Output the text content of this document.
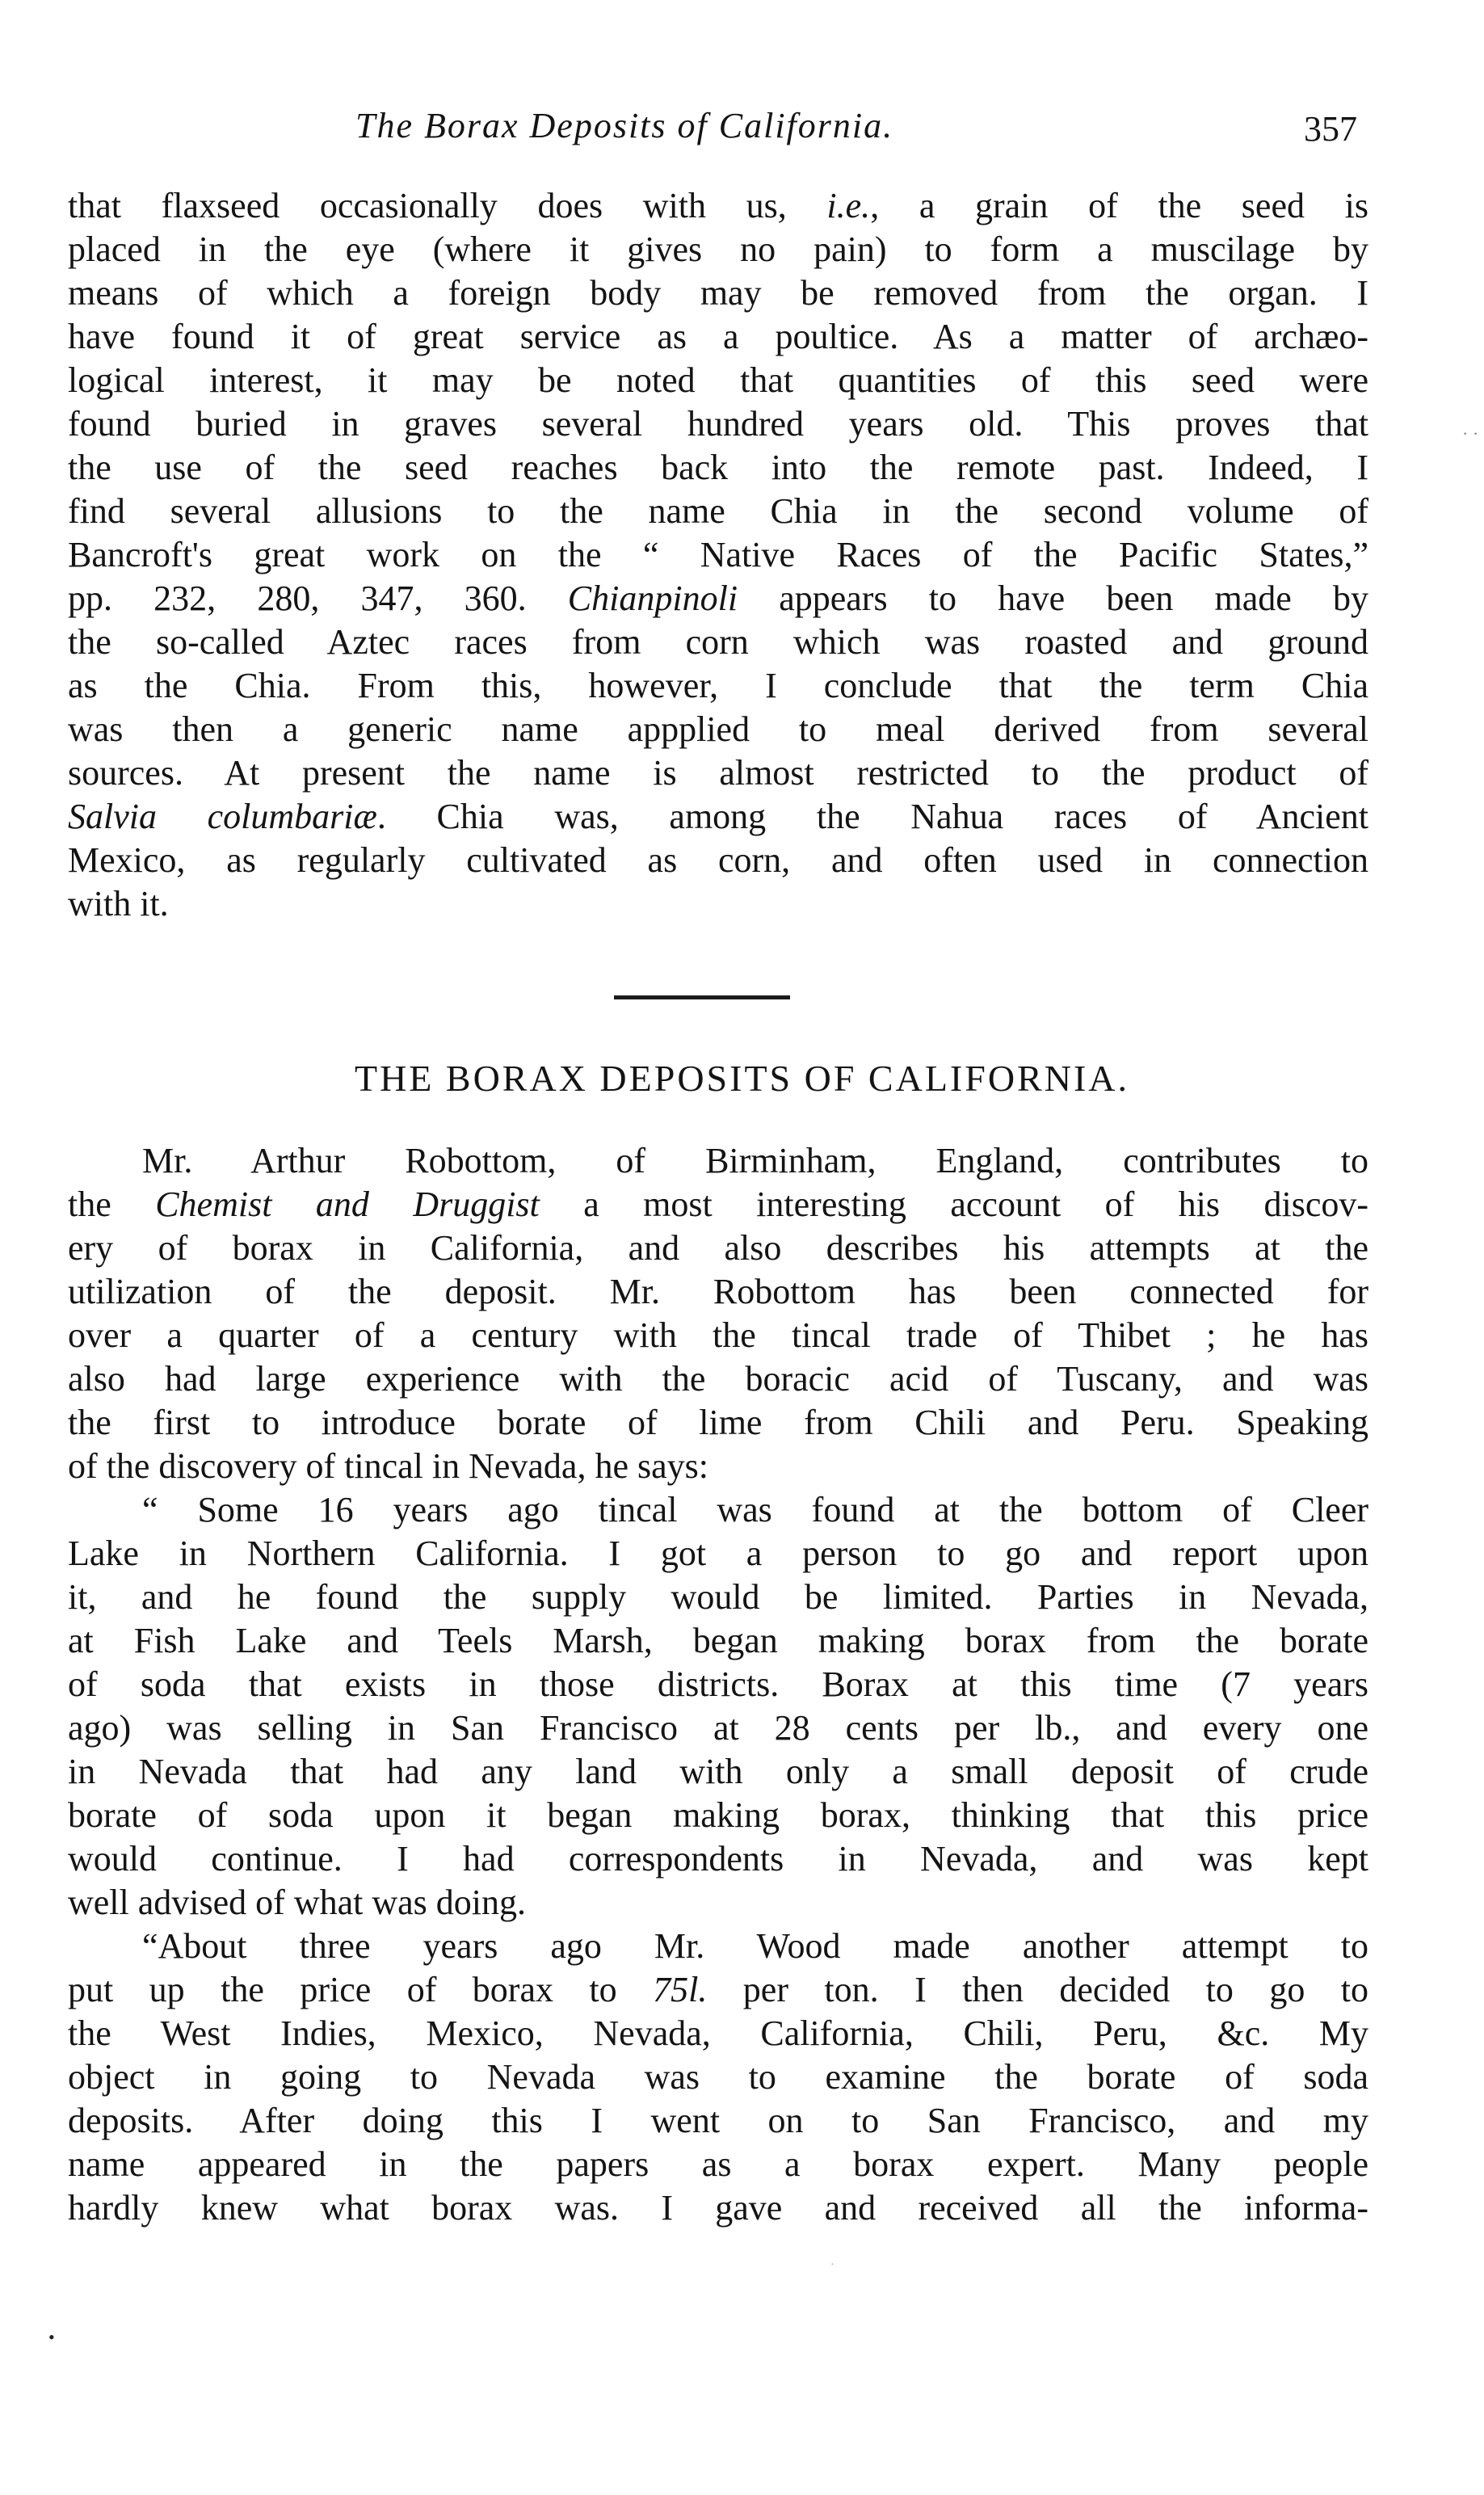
The Borax Deposits of California.	357
that flaxseed occasionally does with us, i.e., a grain of the seed is
placed in the eye (where it gives no pain) to form a muscilage by
means of which a foreign body may be removed from the organ. I
have found it of great service as a poultice. As a matter of archæo-
logical interest, it may be noted that quantities of this seed were
found buried in graves several hundred years old. This proves that
the use of the seed reaches back into the remote past. Indeed, I
find several allusions to the name Chia in the second volume of
Bancroft's great work on the “ Native Races of the Pacific States,”
pp. 232, 280, 347, 360. Chianpinoli appears to have been made by
the so-called Aztec races from corn which was roasted and ground
as the Chia. From this, however, I conclude that the term Chia
was then a generic name appplied to meal derived from several
sources. At present the name is almost restricted to the product of
Salvia columbariæ. Chia was, among the Nahua races of Ancient
Mexico, as regularly cultivated as corn, and often used in connection
with it.
THE BORAX DEPOSITS OF CALIFORNIA.
Mr. Arthur Robottom, of Birminham, England, contributes to
the Chemist and Druggist a most interesting account of his discov-
ery of borax in California, and also describes his attempts at the
utilization of the deposit. Mr. Robottom has been connected for
over a quarter of a century with the tincal trade of Thibet ; he has
also had large experience with the boracic acid of Tuscany, and was
the first to introduce borate of lime from Chili and Peru. Speaking
of the discovery of tincal in Nevada, he says:
“ Some 16 years ago tincal was found at the bottom of Cleer
Lake in Northern California. I got a person to go and report upon
it, and he found the supply would be limited. Parties in Nevada,
at Fish Lake and Teels Marsh, began making borax from the borate
of soda that exists in those districts. Borax at this time (7 years
ago) was selling in San Francisco at 28 cents per lb., and every one
in Nevada that had any land with only a small deposit of crude
borate of soda upon it began making borax, thinking that this price
would continue. I had correspondents in Nevada, and was kept
well advised of what was doing.
“About three years ago Mr. Wood made another attempt to
put up the price of borax to 75l. per ton. I then decided to go to
the West Indies, Mexico, Nevada, California, Chili, Peru, &c. My
object in going to Nevada was to examine the borate of soda
deposits. After doing this I went on to San Francisco, and my
name appeared in the papers as a borax expert. Many people
hardly knew what borax was. I gave and received all the informa-
· ·
·
•
